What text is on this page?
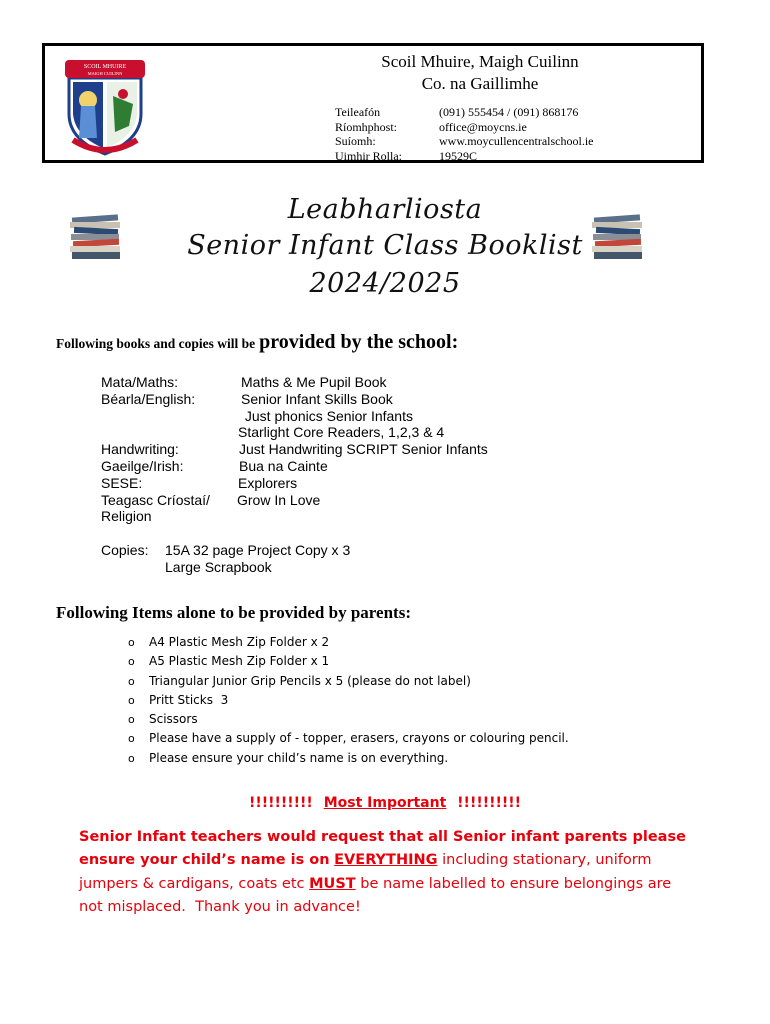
SCOIL MHUIRE
MAIGH CUILINN
Scoil Mhuire, Maigh Cuilinn
Co. na Gaillimhe
Teileafón	(091) 555454 / (091) 868176
Ríomhphost:	office@moycns.ie
Suíomh:	www.moycullencentralschool.ie
Uimhir Rolla:	19529C
Leabharliosta
Senior Infant Class Booklist
2024/2025
Following books and copies will be provided by the school:
Mata/Maths:	Maths & Me Pupil Book
Béarla/English:	Senior Infant Skills Book
Just phonics Senior Infants
Starlight Core Readers, 1,2,3 & 4
Handwriting:	Just Handwriting SCRIPT Senior Infants
Gaeilge/Irish:	Bua na Cainte
SESE:	Explorers
Teagasc Críostaí/	Grow In Love
Religion
Copies:	15A 32 page Project Copy x 3
Large Scrapbook
Following Items alone to be provided by parents:
o	A4 Plastic Mesh Zip Folder x 2
o	A5 Plastic Mesh Zip Folder x 1
o	Triangular Junior Grip Pencils x 5 (please do not label)
o	Pritt Sticks  3
o	Scissors
o	Please have a supply of - topper, erasers, crayons or colouring pencil.
o	Please ensure your child’s name is on everything.
!!!!!!!!!! Most Important !!!!!!!!!!
Senior Infant teachers would request that all Senior infant parents please
ensure your child’s name is on EVERYTHING including stationary, uniform
jumpers & cardigans, coats etc MUST be name labelled to ensure belongings are
not misplaced.  Thank you in advance!
